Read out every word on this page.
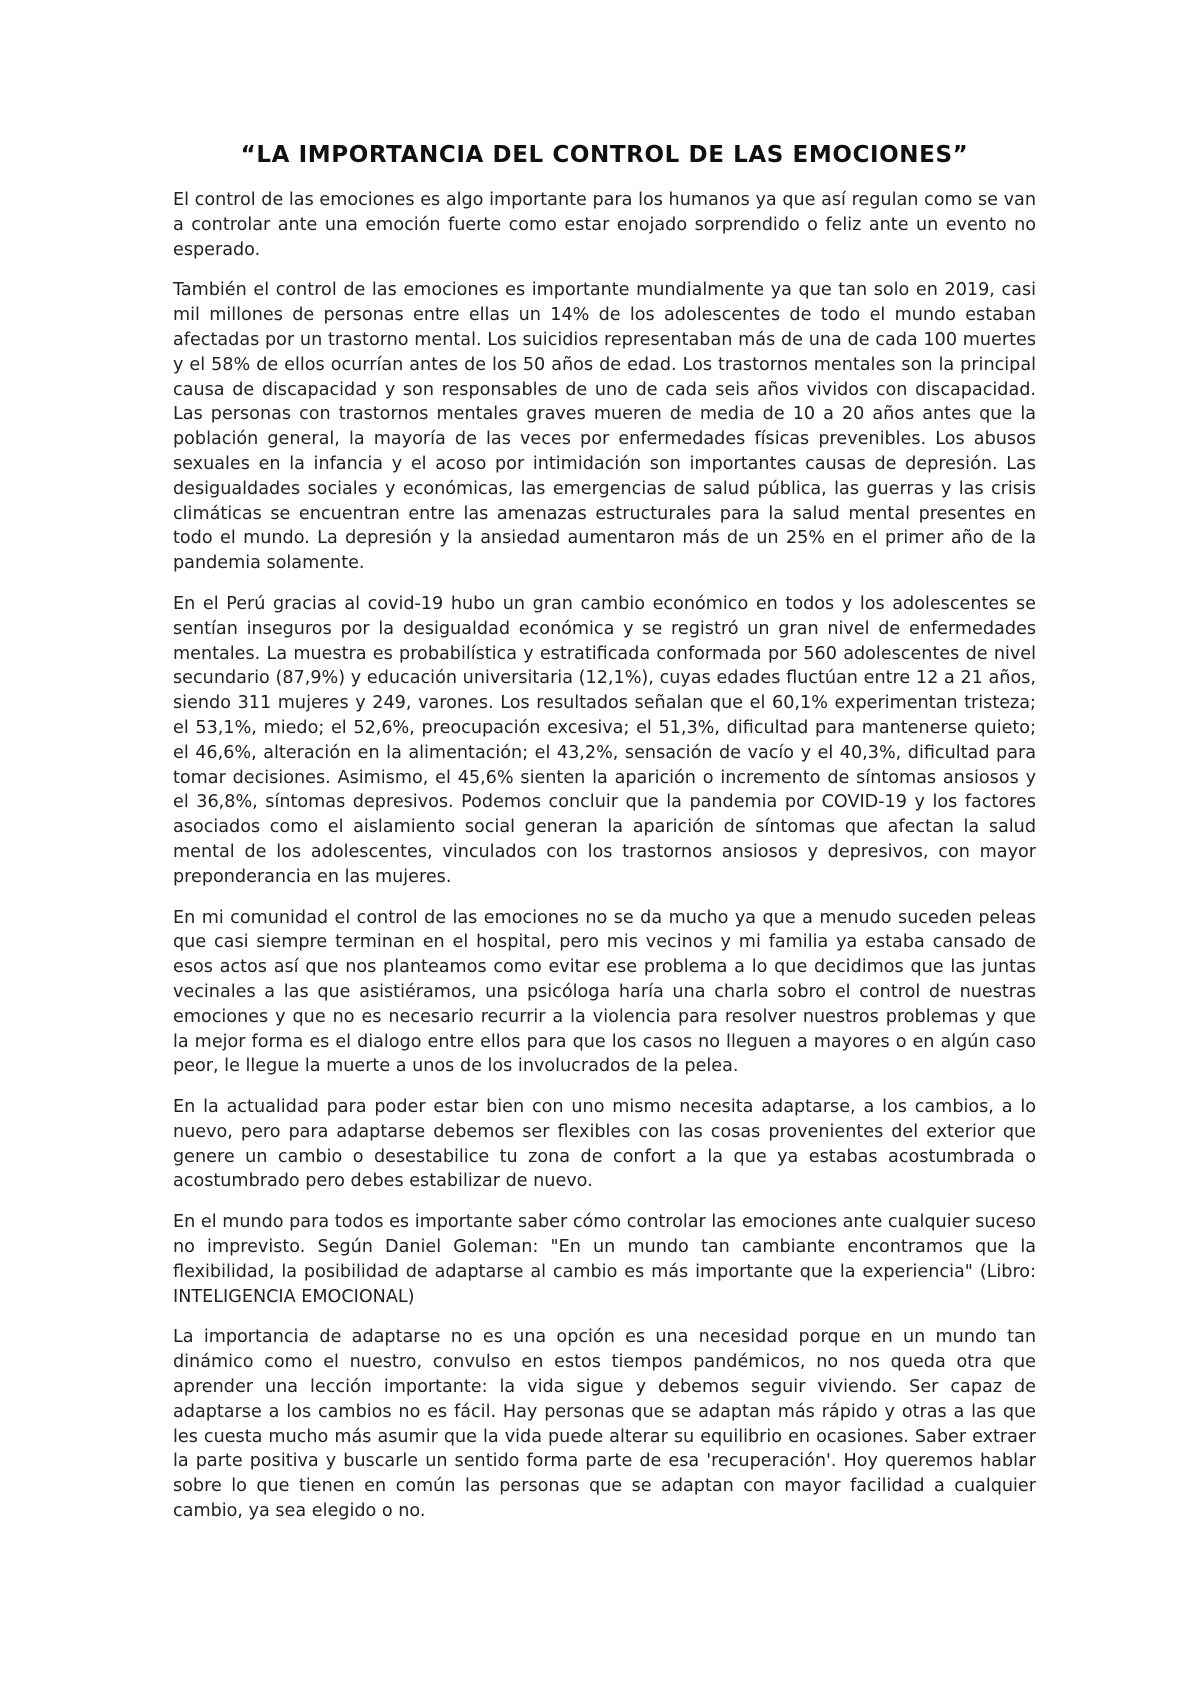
“LA IMPORTANCIA DEL CONTROL DE LAS EMOCIONES”

El control de las emociones es algo importante para los humanos ya que así regulan como se van a controlar ante una emoción fuerte como estar enojado sorprendido o feliz ante un evento no esperado.

También el control de las emociones es importante mundialmente ya que tan solo en 2019, casi mil millones de personas entre ellas un 14% de los adolescentes de todo el mundo estaban afectadas por un trastorno mental. Los suicidios representaban más de una de cada 100 muertes y el 58% de ellos ocurrían antes de los 50 años de edad. Los trastornos mentales son la principal causa de discapacidad y son responsables de uno de cada seis años vividos con discapacidad. Las personas con trastornos mentales graves mueren de media de 10 a 20 años antes que la población general, la mayoría de las veces por enfermedades físicas prevenibles. Los abusos sexuales en la infancia y el acoso por intimidación son importantes causas de depresión. Las desigualdades sociales y económicas, las emergencias de salud pública, las guerras y las crisis climáticas se encuentran entre las amenazas estructurales para la salud mental presentes en todo el mundo. La depresión y la ansiedad aumentaron más de un 25% en el primer año de la pandemia solamente.

En el Perú gracias al covid-19 hubo un gran cambio económico en todos y los adolescentes se sentían inseguros por la desigualdad económica y se registró un gran nivel de enfermedades mentales. La muestra es probabilística y estratificada conformada por 560 adolescentes de nivel secundario (87,9%) y educación universitaria (12,1%), cuyas edades fluctúan entre 12 a 21 años, siendo 311 mujeres y 249, varones. Los resultados señalan que el 60,1% experimentan tristeza; el 53,1%, miedo; el 52,6%, preocupación excesiva; el 51,3%, dificultad para mantenerse quieto; el 46,6%, alteración en la alimentación; el 43,2%, sensación de vacío y el 40,3%, dificultad para tomar decisiones. Asimismo, el 45,6% sienten la aparición o incremento de síntomas ansiosos y el 36,8%, síntomas depresivos. Podemos concluir que la pandemia por COVID-19 y los factores asociados como el aislamiento social generan la aparición de síntomas que afectan la salud mental de los adolescentes, vinculados con los trastornos ansiosos y depresivos, con mayor preponderancia en las mujeres.

En mi comunidad el control de las emociones no se da mucho ya que a menudo suceden peleas que casi siempre terminan en el hospital, pero mis vecinos y mi familia ya estaba cansado de esos actos así que nos planteamos como evitar ese problema a lo que decidimos que las juntas vecinales a las que asistiéramos, una psicóloga haría una charla sobro el control de nuestras emociones y que no es necesario recurrir a la violencia para resolver nuestros problemas y que la mejor forma es el dialogo entre ellos para que los casos no lleguen a mayores o en algún caso peor, le llegue la muerte a unos de los involucrados de la pelea.

En la actualidad para poder estar bien con uno mismo necesita adaptarse, a los cambios, a lo nuevo, pero para adaptarse debemos ser flexibles con las cosas provenientes del exterior que genere un cambio o desestabilice tu zona de confort a la que ya estabas acostumbrada o acostumbrado pero debes estabilizar de nuevo.

En el mundo para todos es importante saber cómo controlar las emociones ante cualquier suceso no imprevisto. Según Daniel Goleman: "En un mundo tan cambiante encontramos que la flexibilidad, la posibilidad de adaptarse al cambio es más importante que la experiencia" (Libro: INTELIGENCIA EMOCIONAL)

La importancia de adaptarse no es una opción es una necesidad porque en un mundo tan dinámico como el nuestro, convulso en estos tiempos pandémicos, no nos queda otra que aprender una lección importante: la vida sigue y debemos seguir viviendo. Ser capaz de adaptarse a los cambios no es fácil. Hay personas que se adaptan más rápido y otras a las que les cuesta mucho más asumir que la vida puede alterar su equilibrio en ocasiones. Saber extraer la parte positiva y buscarle un sentido forma parte de esa 'recuperación'. Hoy queremos hablar sobre lo que tienen en común las personas que se adaptan con mayor facilidad a cualquier cambio, ya sea elegido o no.
